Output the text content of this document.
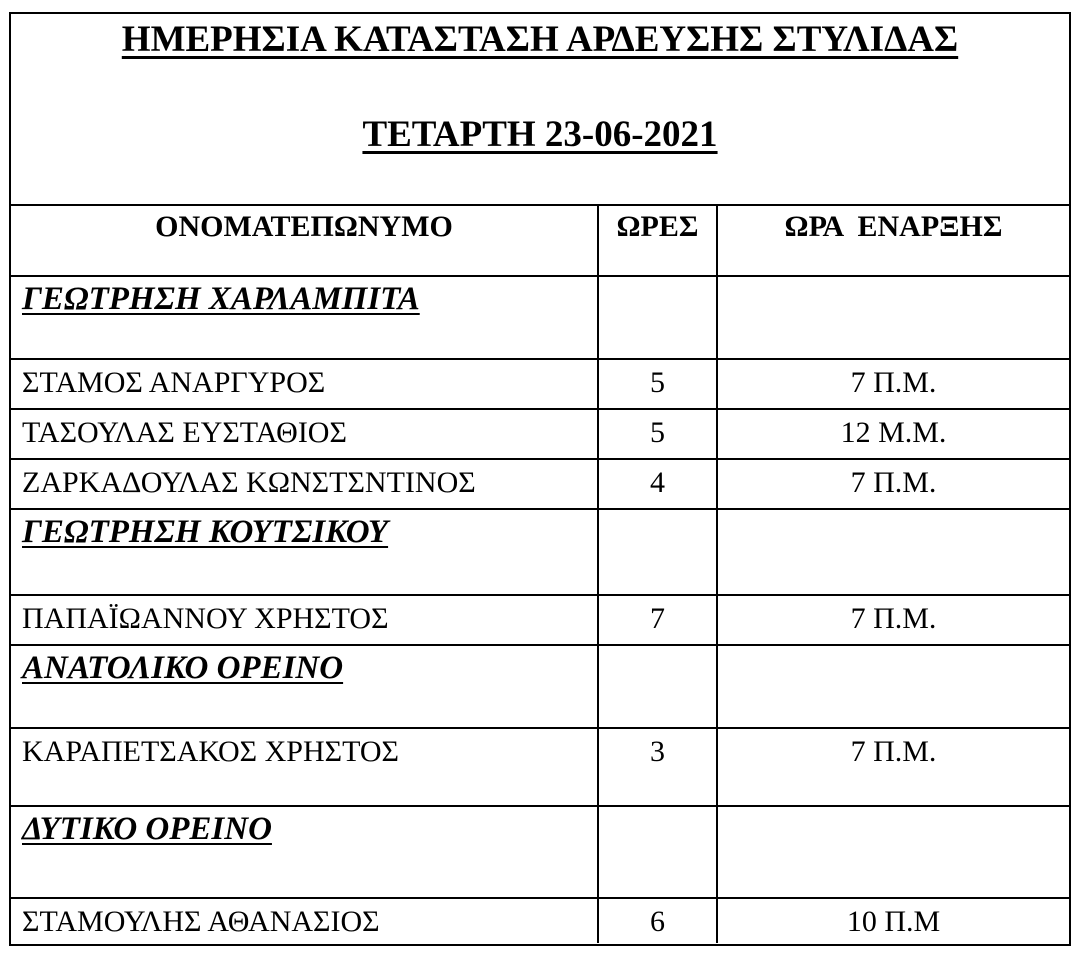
ΗΜΕΡΗΣΙΑ ΚΑΤΑΣΤΑΣΗ ΑΡΔΕΥΣΗΣ ΣΤΥΛΙΔΑΣ
ΤΕΤΑΡΤΗ 23-06-2021
ΟΝΟΜΑΤΕΠΩΝΥΜΟ	ΩΡΕΣ	ΩΡΑ  ΕΝΑΡΞΗΣ
ΓΕΩΤΡΗΣΗ ΧΑΡΛΑΜΠΙΤΑ		
ΣΤΑΜΟΣ ΑΝΑΡΓΥΡΟΣ	5	7 Π.Μ.
ΤΑΣΟΥΛΑΣ ΕΥΣΤΑΘΙΟΣ	5	12 Μ.Μ.
ΖΑΡΚΑΔΟΥΛΑΣ ΚΩΝΣΤΣΝΤΙΝΟΣ	4	7 Π.Μ.
ΓΕΩΤΡΗΣΗ ΚΟΥΤΣΙΚΟΥ		
ΠΑΠΑΪΩΑΝΝΟΥ ΧΡΗΣΤΟΣ	7	7 Π.Μ.
ΑΝΑΤΟΛΙΚΟ ΟΡΕΙΝΟ		
ΚΑΡΑΠΕΤΣΑΚΟΣ ΧΡΗΣΤΟΣ	3	7 Π.Μ.
ΔΥΤΙΚΟ ΟΡΕΙΝΟ		
ΣΤΑΜΟΥΛΗΣ ΑΘΑΝΑΣΙΟΣ	6	10 Π.Μ
